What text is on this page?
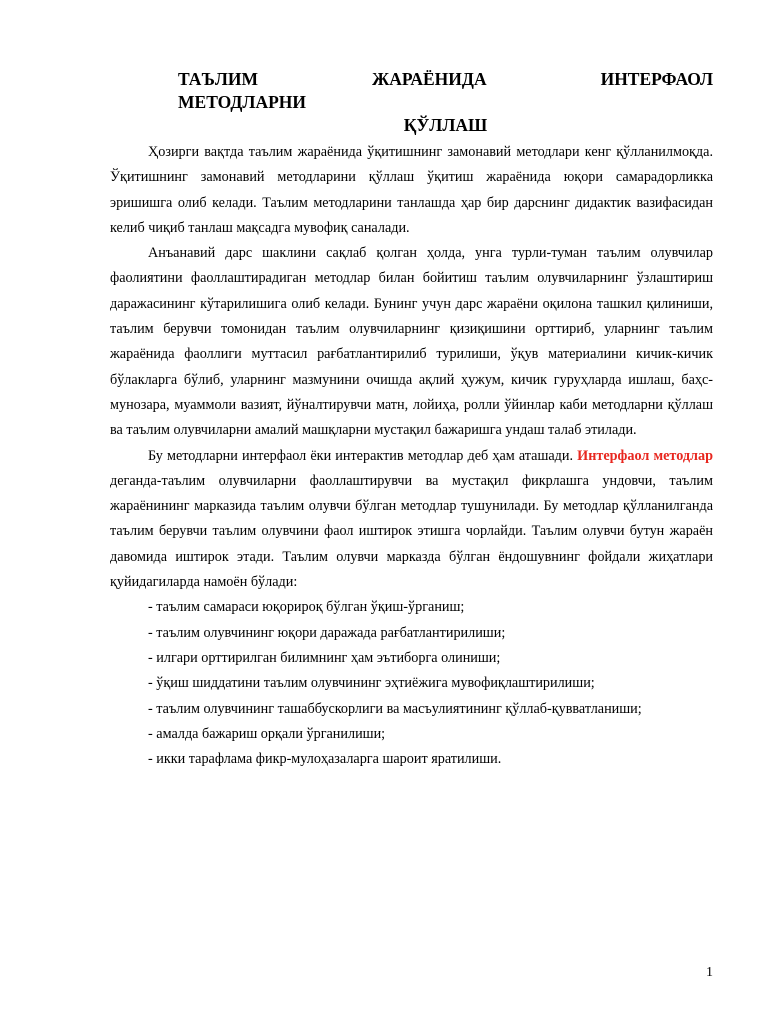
ТАЪЛИМ	ЖАРАЁНИДА	ИНТЕРФАОЛ
МЕТОДЛАРНИ
ҚЎЛЛАШ

Ҳозирги вақтда таълим жараёнида ўқитишнинг замонавий методлари кенг қўлланилмоқда. Ўқитишнинг замонавий методларини қўллаш ўқитиш жараёнида юқори самарадорликка эришишга олиб келади. Таълим методларини танлашда ҳар бир дарснинг дидактик вазифасидан келиб чиқиб танлаш мақсадга мувофиқ саналади.

Анъанавий дарс шаклини сақлаб қолган ҳолда, унга турли-туман таълим олувчилар фаолиятини фаоллаштирадиган методлар билан бойитиш таълим олувчиларнинг ўзлаштириш даражасининг кўтарилишига олиб келади. Бунинг учун дарс жараёни оқилона ташкил қилиниши, таълим берувчи томонидан таълим олувчиларнинг қизиқишини орттириб, уларнинг таълим жараёнида фаоллиги муттасил рағбатлантирилиб турилиши, ўқув материалини кичик-кичик бўлакларга бўлиб, уларнинг мазмунини очишда ақлий ҳужум, кичик гуруҳларда ишлаш, баҳс-мунозара, муаммоли вазият, йўналтирувчи матн, лойиҳа, ролли ўйинлар каби методларни қўллаш ва таълим олувчиларни амалий машқларни мустақил бажаришга ундаш талаб этилади.

Бу методларни интерфаол ёки интерактив методлар деб ҳам аташади. Интерфаол методлар деганда-таълим олувчиларни фаоллаштирувчи ва мустақил фикрлашга ундовчи, таълим жараёнининг марказида таълим олувчи бўлган методлар тушунилади. Бу методлар қўлланилганда таълим берувчи таълим олувчини фаол иштирок этишга чорлайди. Таълим олувчи бутун жараён давомида иштирок этади. Таълим олувчи марказда бўлган ёндошувнинг фойдали жиҳатлари қуйидагиларда намоён бўлади:

- таълим самараси юқорироқ бўлган ўқиш-ўрганиш;

- таълим олувчининг юқори даражада рағбатлантирилиши;

- илгари орттирилган билимнинг ҳам эътиборга олиниши;

- ўқиш шиддатини таълим олувчининг эҳтиёжига мувофиқлаштирилиши;

- таълим олувчининг ташаббускорлиги ва масъулиятининг қўллаб-қувватланиши;

- амалда бажариш орқали ўрганилиши;

- икки тарафлама фикр-мулоҳазаларга шароит яратилиши.

1
